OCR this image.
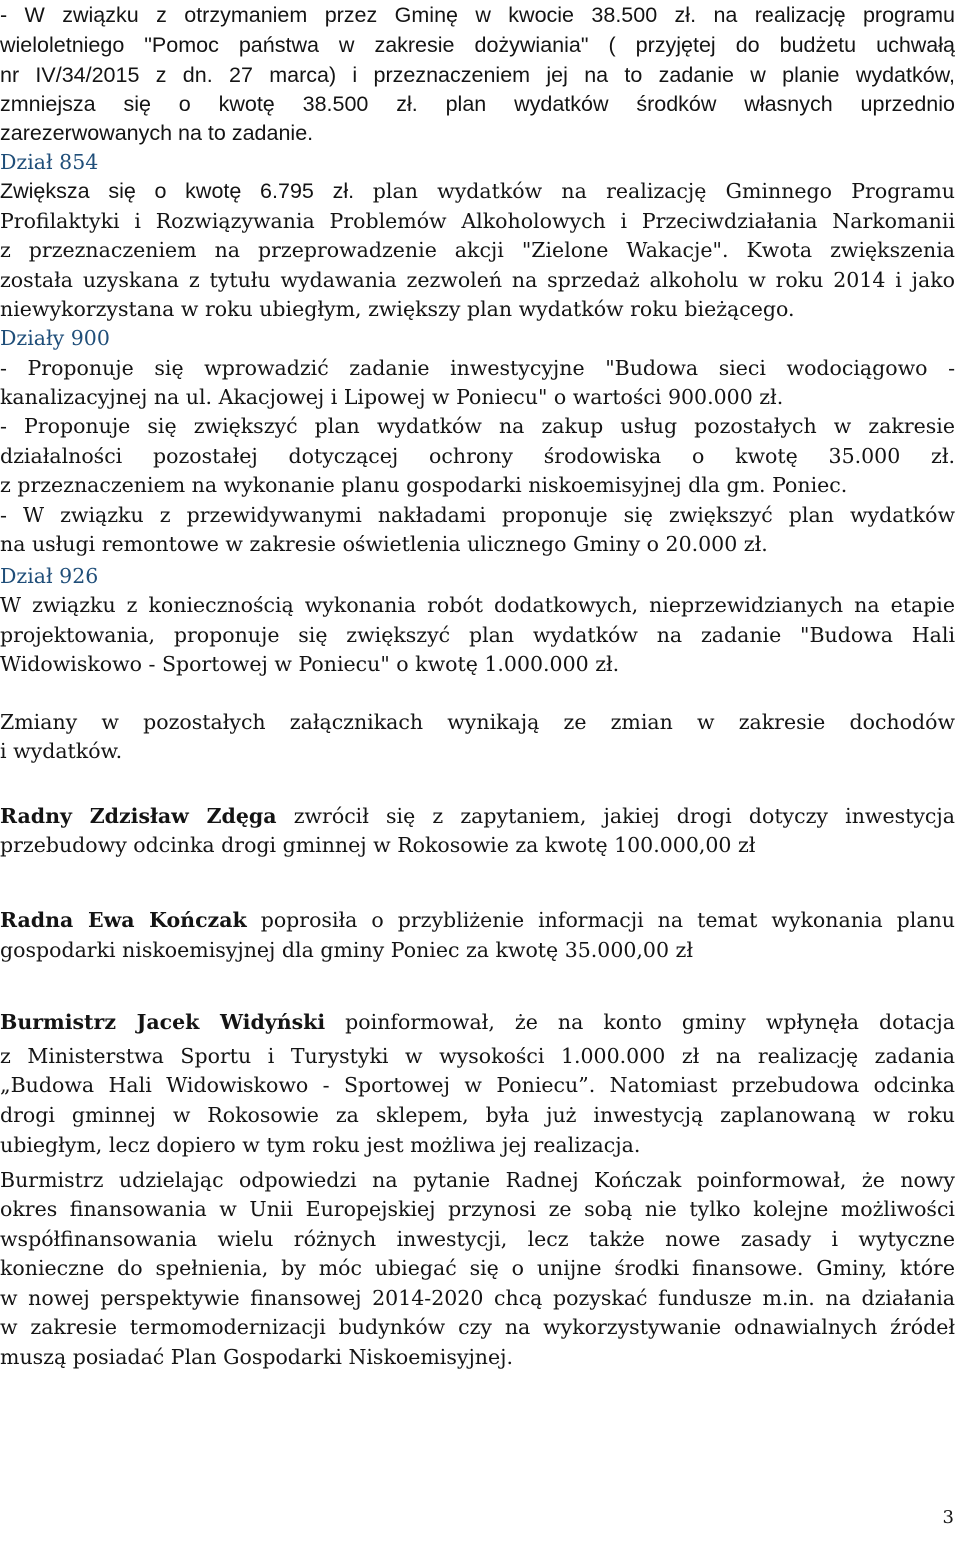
- W związku z otrzymaniem przez Gminę w kwocie 38.500 zł. na realizację programu
wieloletniego "Pomoc państwa w zakresie dożywiania" ( przyjętej do budżetu uchwałą
nr IV/34/2015 z dn. 27 marca) i przeznaczeniem jej na to zadanie w planie wydatków,
zmniejsza się o kwotę 38.500 zł. plan wydatków środków własnych uprzednio
zarezerwowanych na to zadanie.
Dział 854
Zwiększa się o kwotę 6.795 zł. plan wydatków na realizację Gminnego Programu
Profilaktyki i Rozwiązywania Problemów Alkoholowych i Przeciwdziałania Narkomanii
z przeznaczeniem na przeprowadzenie akcji "Zielone Wakacje". Kwota zwiększenia
została uzyskana z tytułu wydawania zezwoleń na sprzedaż alkoholu w roku 2014 i jako
niewykorzystana w roku ubiegłym, zwiększy plan wydatków roku bieżącego.
Działy 900
- Proponuje się wprowadzić zadanie inwestycyjne "Budowa sieci wodociągowo -
kanalizacyjnej na ul. Akacjowej i Lipowej w Poniecu" o wartości 900.000 zł.
- Proponuje się zwiększyć plan wydatków na zakup usług pozostałych w zakresie
działalności pozostałej dotyczącej ochrony środowiska o kwotę 35.000 zł.
z przeznaczeniem na wykonanie planu gospodarki niskoemisyjnej dla gm. Poniec.
- W związku z przewidywanymi nakładami proponuje się zwiększyć plan wydatków
na usługi remontowe w zakresie oświetlenia ulicznego Gminy o 20.000 zł.
Dział 926
W związku z koniecznością wykonania robót dodatkowych, nieprzewidzianych na etapie
projektowania, proponuje się zwiększyć plan wydatków na zadanie "Budowa Hali
Widowiskowo - Sportowej w Poniecu" o kwotę 1.000.000 zł.
Zmiany w pozostałych załącznikach wynikają ze zmian w zakresie dochodów
i wydatków.
Radny Zdzisław Zdęga zwrócił się z zapytaniem, jakiej drogi dotyczy inwestycja
przebudowy odcinka drogi gminnej w Rokosowie za kwotę 100.000,00 zł
Radna Ewa Kończak poprosiła o przybliżenie informacji na temat wykonania planu
gospodarki niskoemisyjnej dla gminy Poniec za kwotę 35.000,00 zł
Burmistrz Jacek Widyński poinformował, że na konto gminy wpłynęła dotacja
z Ministerstwa Sportu i Turystyki w wysokości 1.000.000 zł na realizację zadania
„Budowa Hali Widowiskowo - Sportowej w Poniecu”. Natomiast przebudowa odcinka
drogi gminnej w Rokosowie za sklepem, była już inwestycją zaplanowaną w roku
ubiegłym, lecz dopiero w tym roku jest możliwa jej realizacja.
Burmistrz udzielając odpowiedzi na pytanie Radnej Kończak poinformował, że nowy
okres finansowania w Unii Europejskiej przynosi ze sobą nie tylko kolejne możliwości
współfinansowania wielu różnych inwestycji, lecz także nowe zasady i wytyczne
konieczne do spełnienia, by móc ubiegać się o unijne środki finansowe. Gminy, które
w nowej perspektywie finansowej 2014-2020 chcą pozyskać fundusze m.in. na działania
w zakresie termomodernizacji budynków czy na wykorzystywanie odnawialnych źródeł
muszą posiadać Plan Gospodarki Niskoemisyjnej.
3
